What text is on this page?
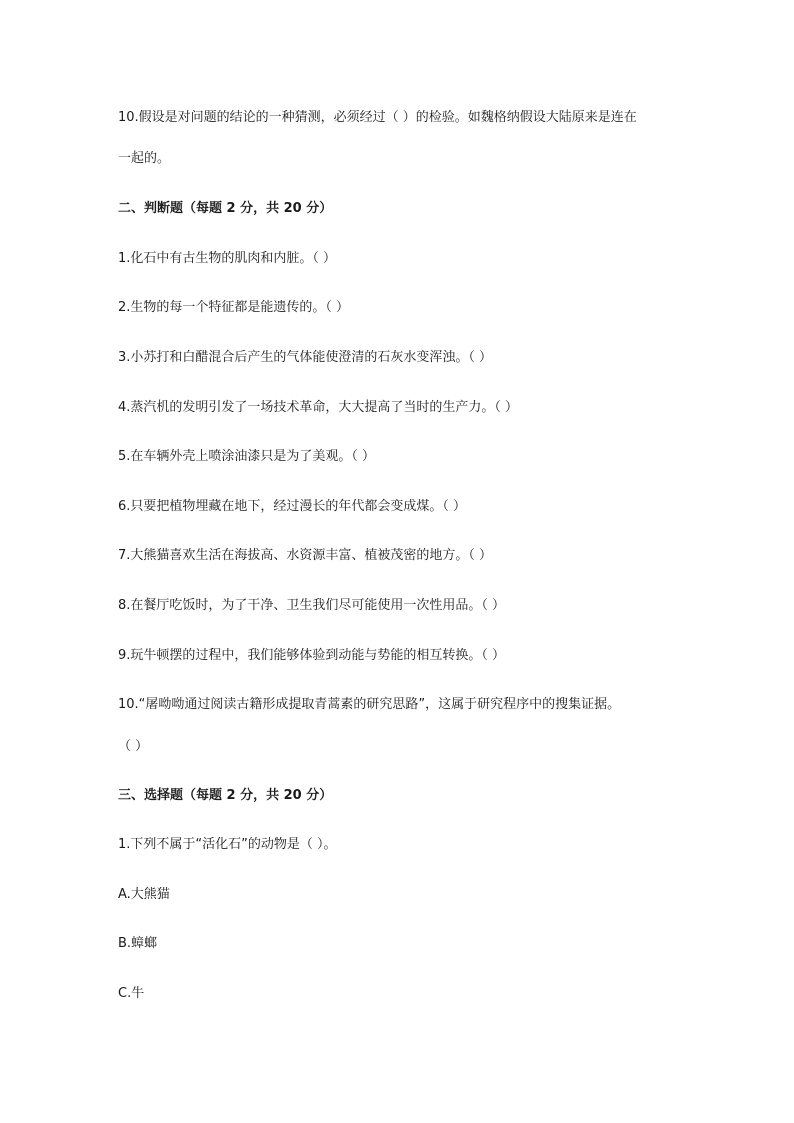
10.假设是对问题的结论的一种猜测，必须经过（ ）的检验。如魏格纳假设大陆原来是连在
一起的。
二、判断题（每题 2 分，共 20 分）
1.化石中有古生物的肌肉和内脏。（ ）
2.生物的每一个特征都是能遗传的。（ ）
3.小苏打和白醋混合后产生的气体能使澄清的石灰水变浑浊。（ ）
4.蒸汽机的发明引发了一场技术革命，大大提高了当时的生产力。（ ）
5.在车辆外壳上喷涂油漆只是为了美观。（ ）
6.只要把植物埋藏在地下，经过漫长的年代都会变成煤。（ ）
7.大熊猫喜欢生活在海拔高、水资源丰富、植被茂密的地方。（ ）
8.在餐厅吃饭时，为了干净、卫生我们尽可能使用一次性用品。（ ）
9.玩牛顿摆的过程中，我们能够体验到动能与势能的相互转换。（ ）
10.“屠呦呦通过阅读古籍形成提取青蒿素的研究思路”，这属于研究程序中的搜集证据。
（ ）
三、选择题（每题 2 分，共 20 分）
1.下列不属于“活化石”的动物是（ ）。
A.大熊猫
B.蟑螂
C.牛
